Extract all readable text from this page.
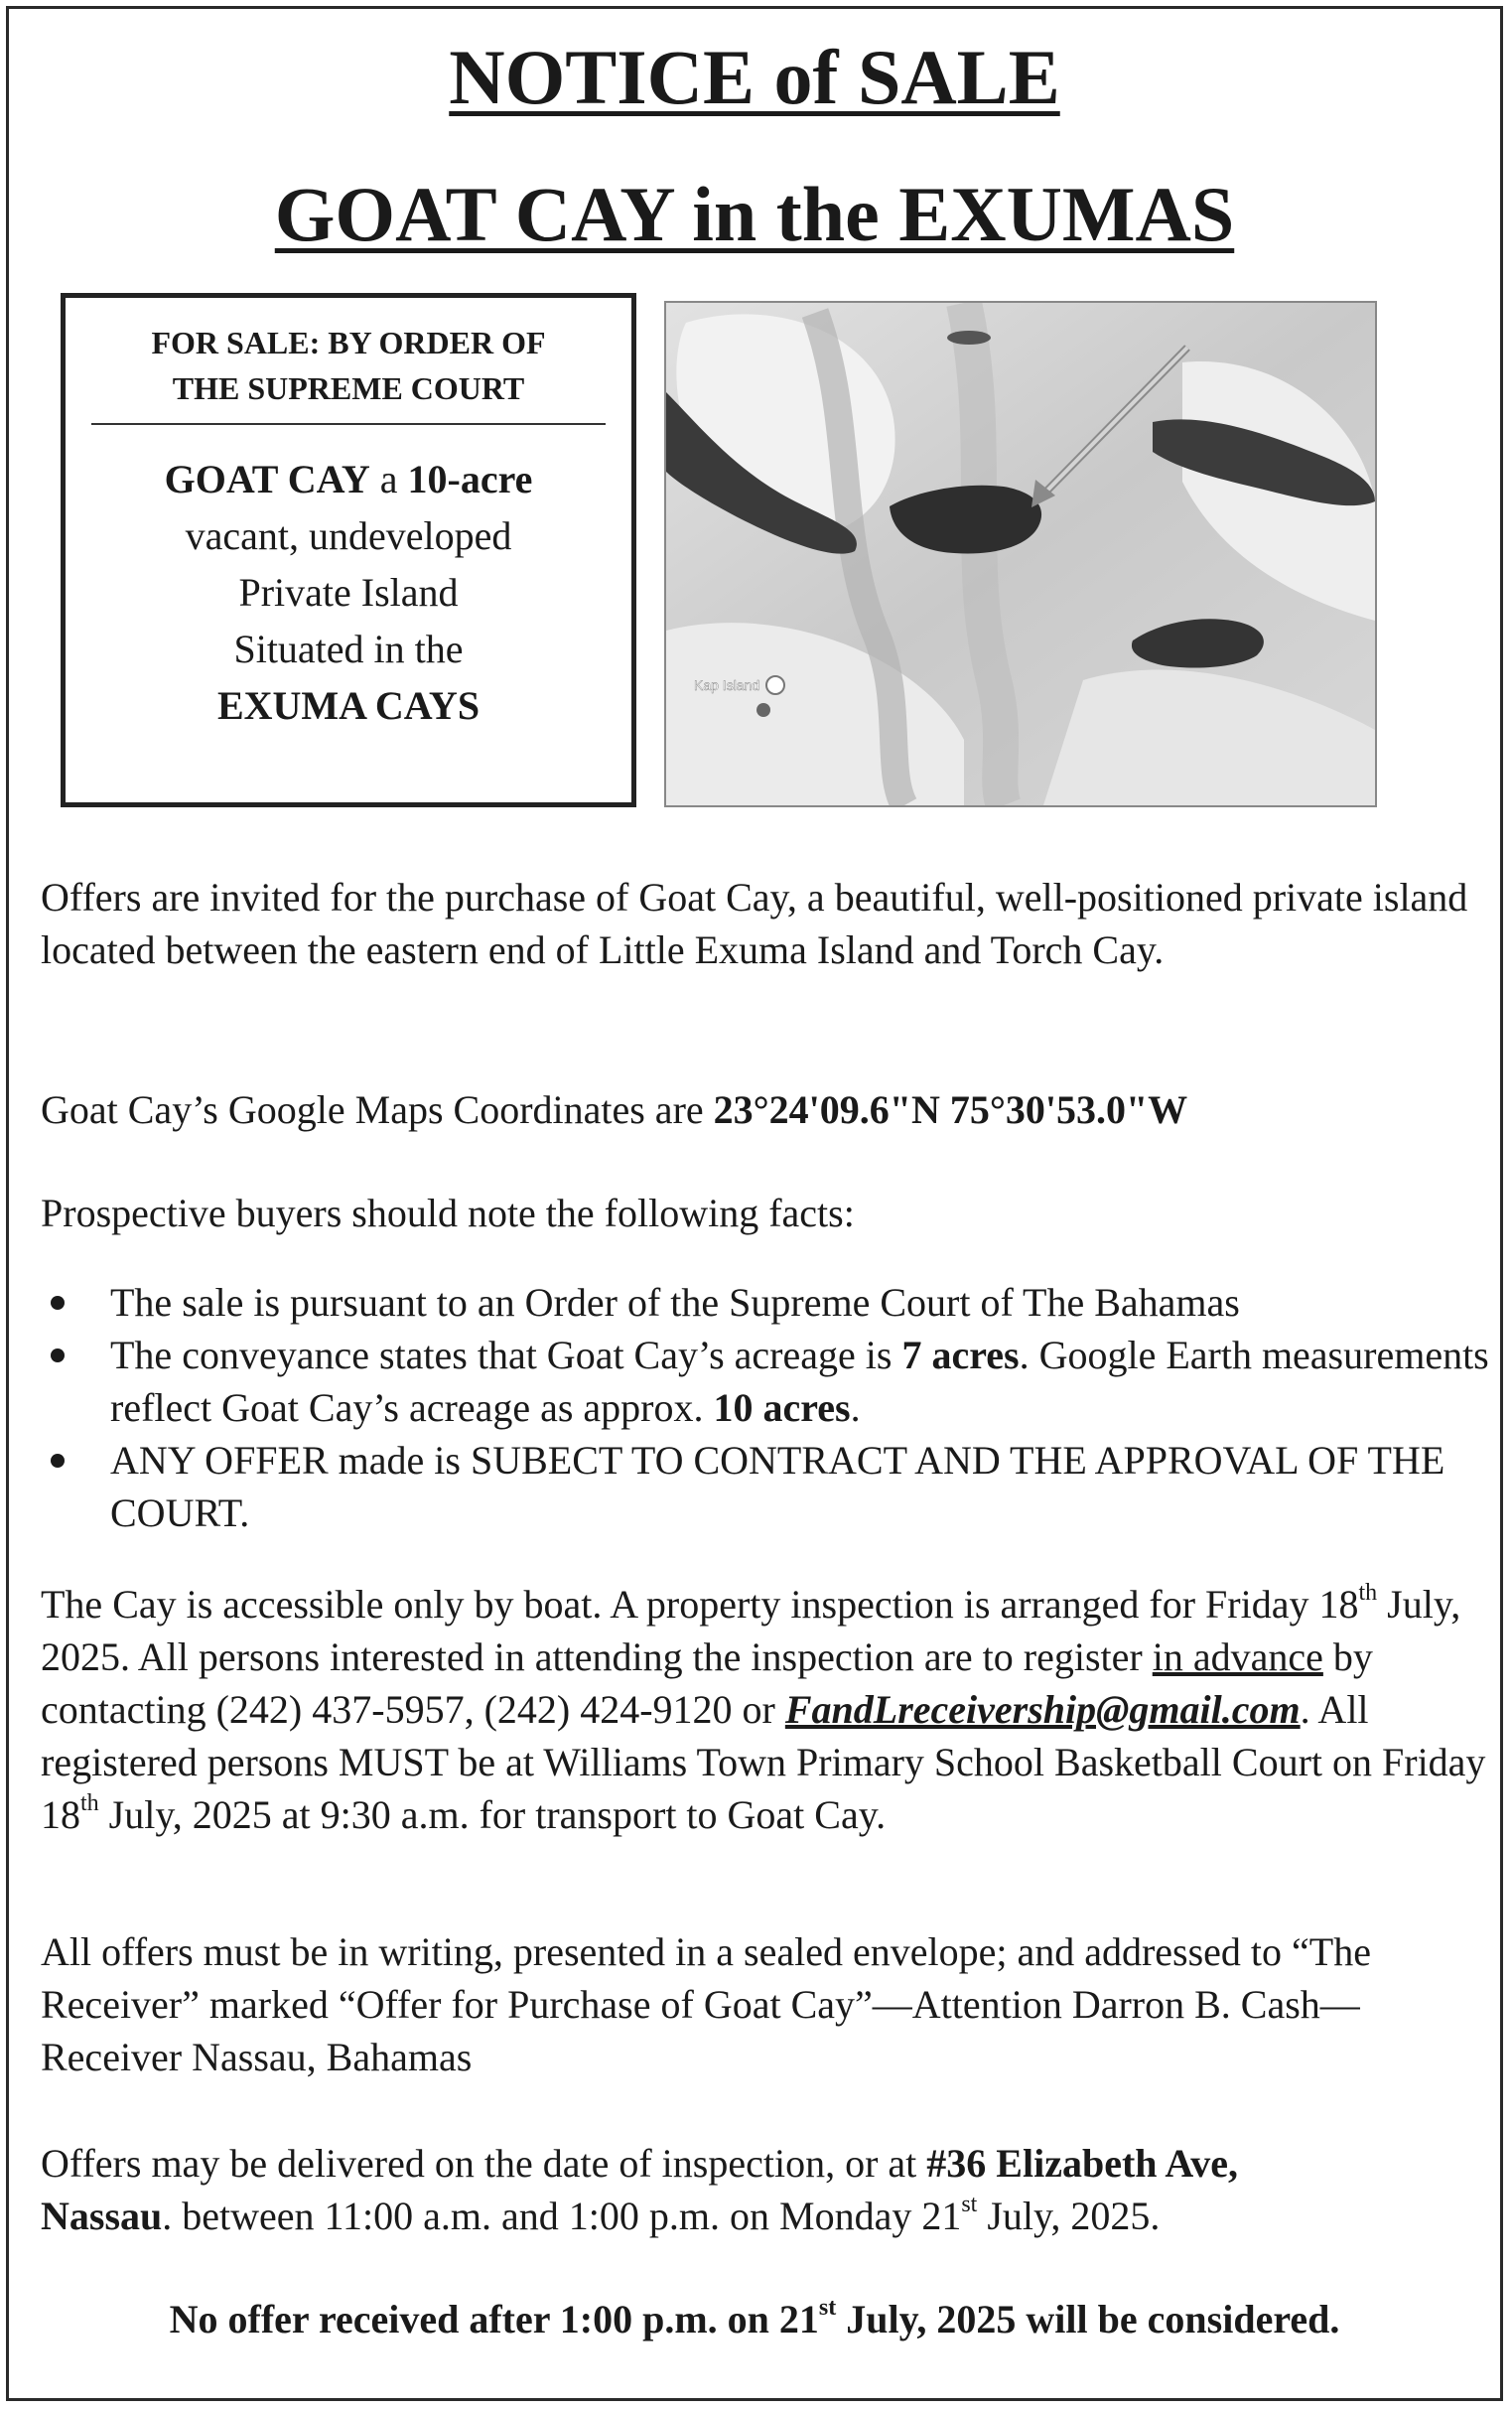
NOTICE of SALE
GOAT CAY in the EXUMAS
FOR SALE: BY ORDER OF
THE SUPREME COURT
GOAT CAY a 10-acre
vacant, undeveloped
Private Island
Situated in the
EXUMA CAYS	Kap Island

Offers are invited for the purchase of Goat Cay, a beautiful, well-positioned private island located between the eastern end of Little Exuma Island and Torch Cay.

Goat Cay’s Google Maps Coordinates are 23°24'09.6"N 75°30'53.0"W

Prospective buyers should note the following facts:

The sale is pursuant to an Order of the Supreme Court of The Bahamas
The conveyance states that Goat Cay’s acreage is 7 acres. Google Earth measurements reflect Goat Cay’s acreage as approx. 10 acres.
ANY OFFER made is SUBECT TO CONTRACT AND THE APPROVAL OF THE COURT.

The Cay is accessible only by boat. A property inspection is arranged for Friday 18th July, 2025. All persons interested in attending the inspection are to register in advance by contacting (242) 437-5957, (242) 424-9120 or FandLreceivership@gmail.com. All registered persons MUST be at Williams Town Primary School Basketball Court on Friday 18th July, 2025 at 9:30 a.m. for transport to Goat Cay.

All offers must be in writing, presented in a sealed envelope; and addressed to “The Receiver” marked “Offer for Purchase of Goat Cay”—Attention Darron B. Cash—Receiver Nassau, Bahamas

Offers may be delivered on the date of inspection, or at #36 Elizabeth Ave,
Nassau. between 11:00 a.m. and 1:00 p.m. on Monday 21st July, 2025.

No offer received after 1:00 p.m. on 21st July, 2025 will be considered.
